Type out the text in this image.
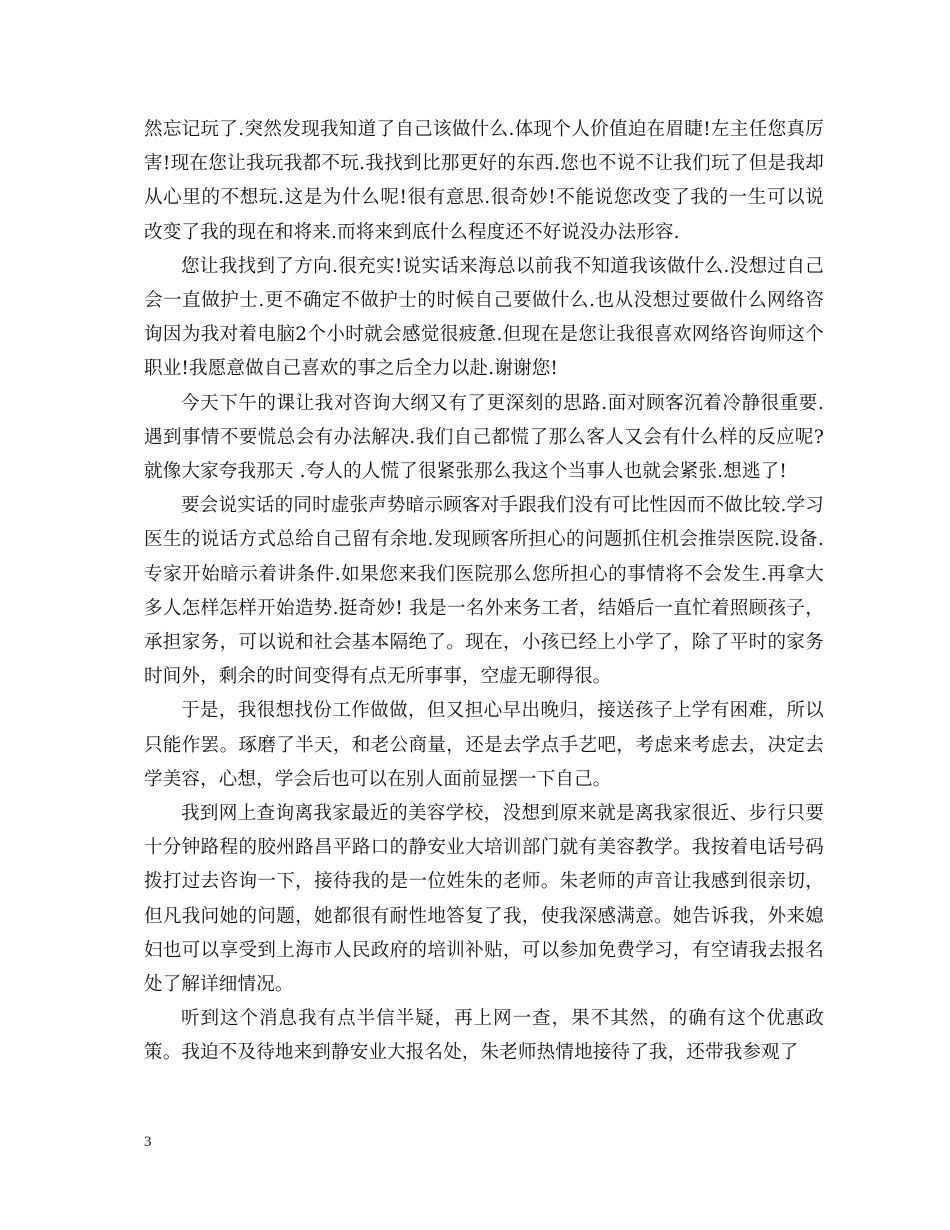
然忘记玩了.突然发现我知道了自己该做什么.体现个人价值迫在眉睫!左主任您真厉害!现在您让我玩我都不玩.我找到比那更好的东西.您也不说不让我们玩了但是我却从心里的不想玩.这是为什么呢!很有意思.很奇妙!不能说您改变了我的一生可以说改变了我的现在和将来.而将来到底什么程度还不好说没办法形容.

您让我找到了方向.很充实!说实话来海总以前我不知道我该做什么.没想过自己会一直做护士.更不确定不做护士的时候自己要做什么.也从没想过要做什么网络咨询因为我对着电脑2个小时就会感觉很疲惫.但现在是您让我很喜欢网络咨询师这个职业!我愿意做自己喜欢的事之后全力以赴.谢谢您!

今天下午的课让我对咨询大纲又有了更深刻的思路.面对顾客沉着冷静很重要.遇到事情不要慌总会有办法解决.我们自己都慌了那么客人又会有什么样的反应呢?就像大家夸我那天 .夸人的人慌了很紧张那么我这个当事人也就会紧张.想逃了!

要会说实话的同时虚张声势暗示顾客对手跟我们没有可比性因而不做比较.学习医生的说话方式总给自己留有余地.发现顾客所担心的问题抓住机会推崇医院.设备.专家开始暗示着讲条件.如果您来我们医院那么您所担心的事情将不会发生.再拿大多人怎样怎样开始造势.挺奇妙! 我是一名外来务工者，结婚后一直忙着照顾孩子，承担家务，可以说和社会基本隔绝了。现在，小孩已经上小学了，除了平时的家务时间外，剩余的时间变得有点无所事事，空虚无聊得很。

于是，我很想找份工作做做，但又担心早出晚归，接送孩子上学有困难，所以只能作罢。琢磨了半天，和老公商量，还是去学点手艺吧，考虑来考虑去，决定去学美容，心想，学会后也可以在别人面前显摆一下自己。

我到网上查询离我家最近的美容学校，没想到原来就是离我家很近、步行只要十分钟路程的胶州路昌平路口的静安业大培训部门就有美容教学。我按着电话号码拨打过去咨询一下，接待我的是一位姓朱的老师。朱老师的声音让我感到很亲切，但凡我问她的问题，她都很有耐性地答复了我，使我深感满意。她告诉我，外来媳妇也可以享受到上海市人民政府的培训补贴，可以参加免费学习，有空请我去报名处了解详细情况。

听到这个消息我有点半信半疑，再上网一查，果不其然，的确有这个优惠政策。我迫不及待地来到静安业大报名处，朱老师热情地接待了我，还带我参观了

3
